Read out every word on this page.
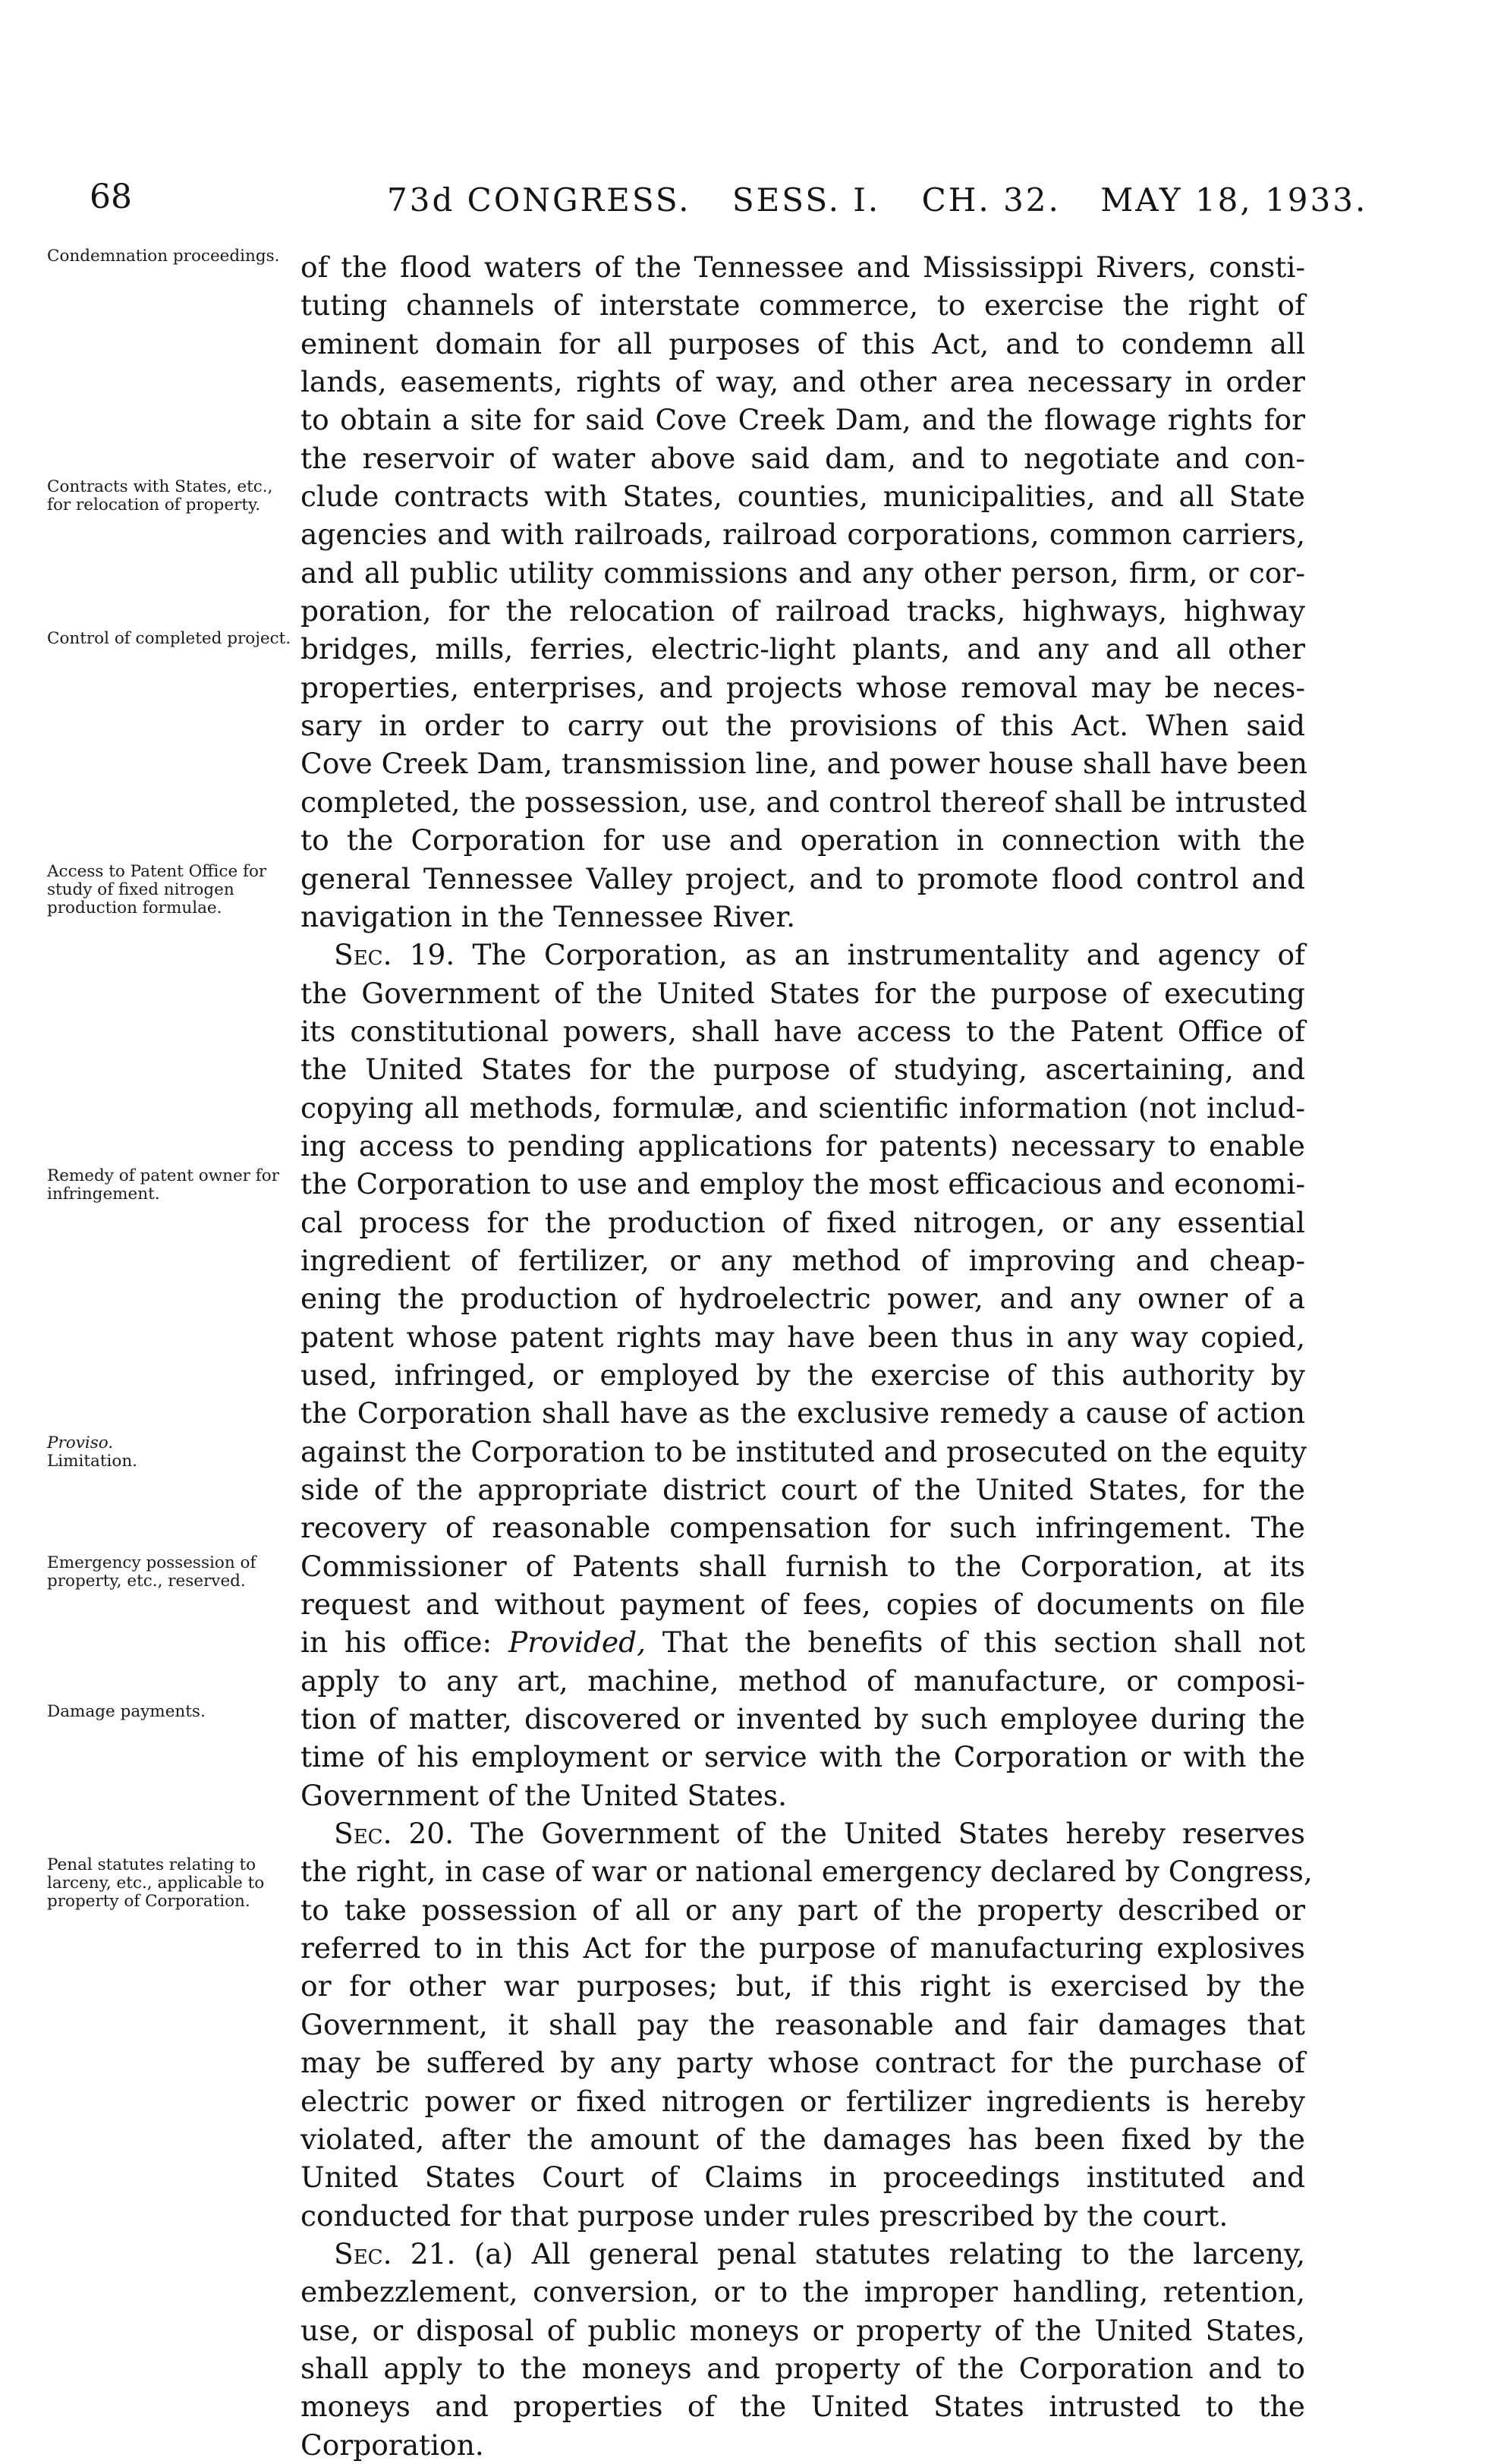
68	73d CONGRESS. SESS. I. CH. 32. MAY 18, 1933.
Condemnation proceedings.
Contracts with States, etc., for relocation of property.
Control of completed project.
Access to Patent Office for study of fixed nitrogen production formulae.
Remedy of patent owner for infringement.
Proviso.
Limitation.
Emergency possession of property, etc., reserved.
Damage payments.
Penal statutes relating to larceny, etc., applicable to property of Corporation.
of the flood waters of the Tennessee and Mississippi Rivers, consti-
tuting channels of interstate commerce, to exercise the right of
eminent domain for all purposes of this Act, and to condemn all
lands, easements, rights of way, and other area necessary in order
to obtain a site for said Cove Creek Dam, and the flowage rights for
the reservoir of water above said dam, and to negotiate and con-
clude contracts with States, counties, municipalities, and all State
agencies and with railroads, railroad corporations, common carriers,
and all public utility commissions and any other person, firm, or cor-
poration, for the relocation of railroad tracks, highways, highway
bridges, mills, ferries, electric-light plants, and any and all other
properties, enterprises, and projects whose removal may be neces-
sary in order to carry out the provisions of this Act. When said
Cove Creek Dam, transmission line, and power house shall have been
completed, the possession, use, and control thereof shall be intrusted
to the Corporation for use and operation in connection with the
general Tennessee Valley project, and to promote flood control and
navigation in the Tennessee River.
Sec. 19. The Corporation, as an instrumentality and agency of
the Government of the United States for the purpose of executing
its constitutional powers, shall have access to the Patent Office of
the United States for the purpose of studying, ascertaining, and
copying all methods, formulæ, and scientific information (not includ-
ing access to pending applications for patents) necessary to enable
the Corporation to use and employ the most efficacious and economi-
cal process for the production of fixed nitrogen, or any essential
ingredient of fertilizer, or any method of improving and cheap-
ening the production of hydroelectric power, and any owner of a
patent whose patent rights may have been thus in any way copied,
used, infringed, or employed by the exercise of this authority by
the Corporation shall have as the exclusive remedy a cause of action
against the Corporation to be instituted and prosecuted on the equity
side of the appropriate district court of the United States, for the
recovery of reasonable compensation for such infringement. The
Commissioner of Patents shall furnish to the Corporation, at its
request and without payment of fees, copies of documents on file
in his office: Provided, That the benefits of this section shall not
apply to any art, machine, method of manufacture, or composi-
tion of matter, discovered or invented by such employee during the
time of his employment or service with the Corporation or with the
Government of the United States.
Sec. 20. The Government of the United States hereby reserves
the right, in case of war or national emergency declared by Congress,
to take possession of all or any part of the property described or
referred to in this Act for the purpose of manufacturing explosives
or for other war purposes; but, if this right is exercised by the
Government, it shall pay the reasonable and fair damages that
may be suffered by any party whose contract for the purchase of
electric power or fixed nitrogen or fertilizer ingredients is hereby
violated, after the amount of the damages has been fixed by the
United States Court of Claims in proceedings instituted and
conducted for that purpose under rules prescribed by the court.
Sec. 21. (a) All general penal statutes relating to the larceny,
embezzlement, conversion, or to the improper handling, retention,
use, or disposal of public moneys or property of the United States,
shall apply to the moneys and property of the Corporation and to
moneys and properties of the United States intrusted to the
Corporation.
